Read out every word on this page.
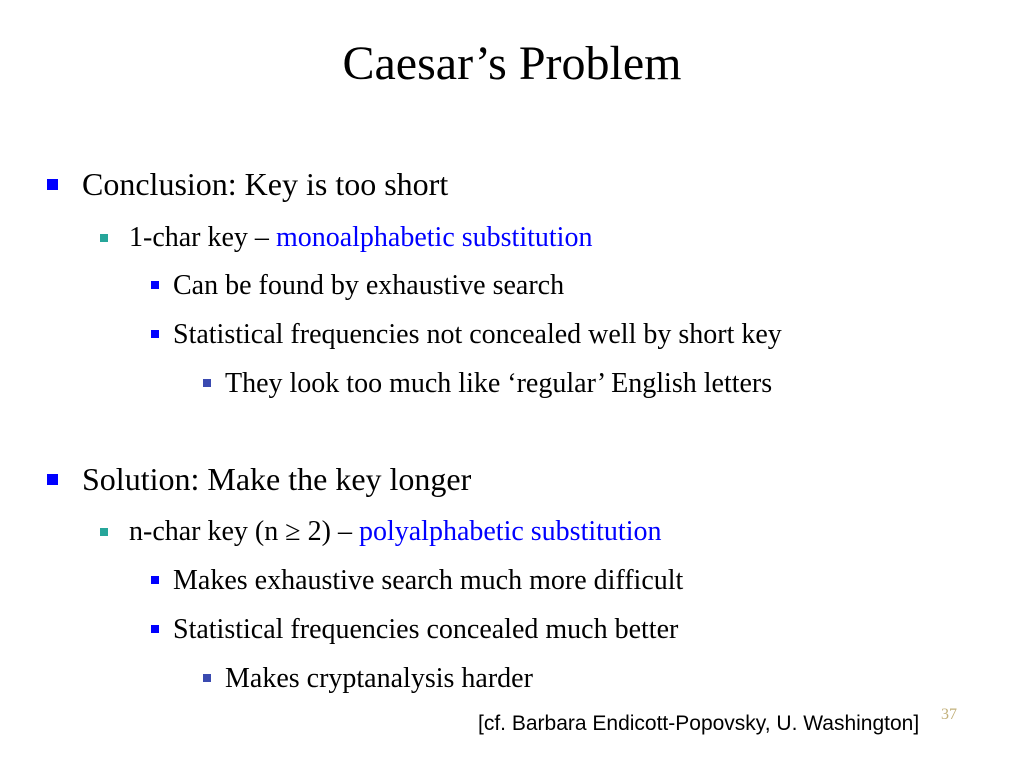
Caesar’s Problem
Conclusion: Key is too short
1-char key – monoalphabetic substitution
Can be found by exhaustive search
Statistical frequencies not concealed well by short key
They look too much like ‘regular’ English letters
Solution: Make the key longer
n-char key (n ≥ 2) – polyalphabetic substitution
Makes exhaustive search much more difficult
Statistical frequencies concealed much better
Makes cryptanalysis harder
[cf. Barbara Endicott-Popovsky, U. Washington] 37
